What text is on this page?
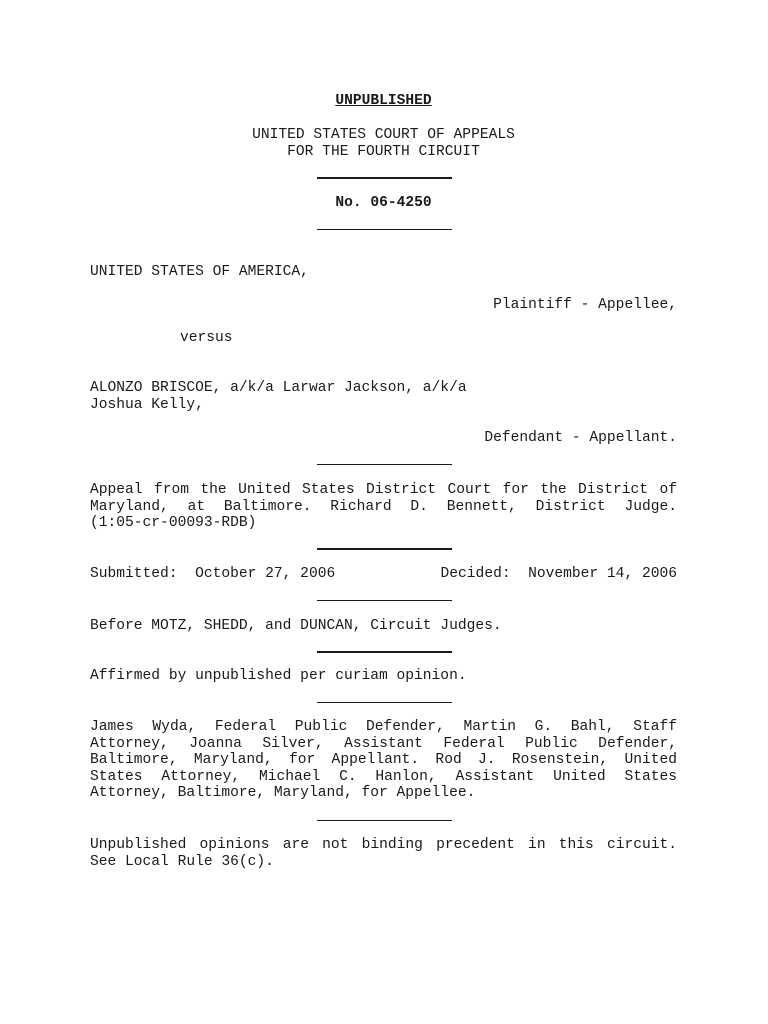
UNPUBLISHED
UNITED STATES COURT OF APPEALS
FOR THE FOURTH CIRCUIT
No. 06-4250
UNITED STATES OF AMERICA,
Plaintiff - Appellee,
versus
ALONZO BRISCOE, a/k/a Larwar Jackson, a/k/a
Joshua Kelly,
Defendant - Appellant.
Appeal from the United States District Court for the District of
Maryland, at Baltimore. Richard D. Bennett, District Judge.
(1:05-cr-00093-RDB)
Submitted:  October 27, 2006	Decided:  November 14, 2006
Before MOTZ, SHEDD, and DUNCAN, Circuit Judges.
Affirmed by unpublished per curiam opinion.
James Wyda, Federal Public Defender, Martin G. Bahl, Staff
Attorney, Joanna Silver, Assistant Federal Public Defender,
Baltimore, Maryland, for Appellant. Rod J. Rosenstein, United
States Attorney, Michael C. Hanlon, Assistant United States
Attorney, Baltimore, Maryland, for Appellee.
Unpublished opinions are not binding precedent in this circuit.
See Local Rule 36(c).
